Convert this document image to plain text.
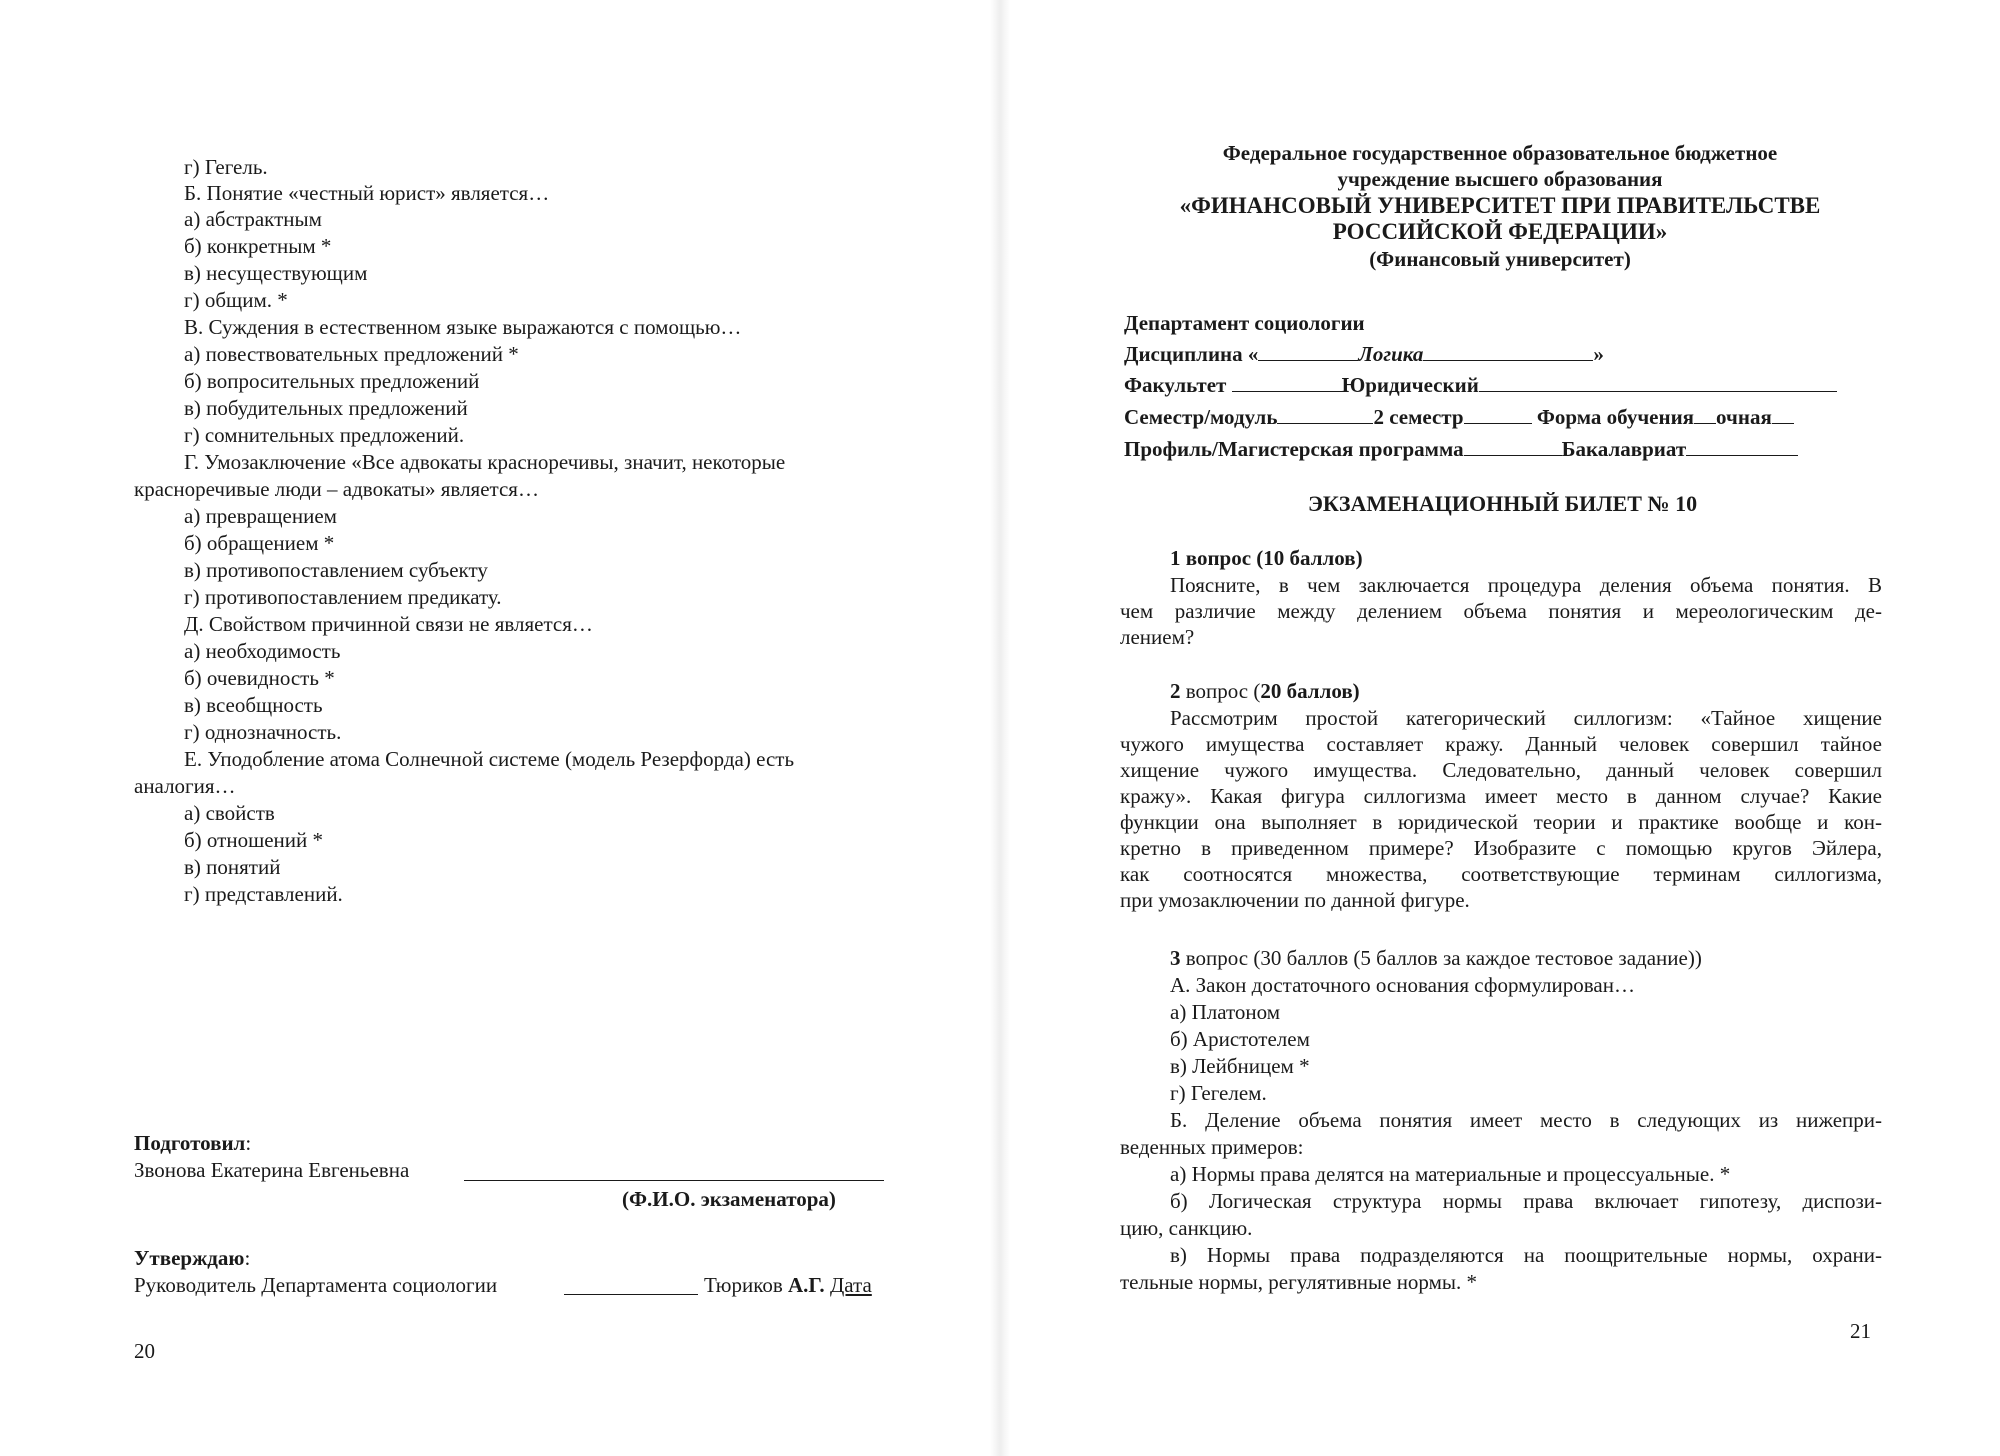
г) Гегель.
Б. Понятие «честный юрист» является…
а) абстрактным
б) конкретным *
в) несуществующим
г) общим. *
В. Суждения в естественном языке выражаются с помощью…
а) повествовательных предложений *
б) вопросительных предложений
в) побудительных предложений
г) сомнительных предложений.
Г. Умозаключение «Все адвокаты красноречивы, значит, некоторые
красноречивые люди – адвокаты» является…
а) превращением
б) обращением *
в) противопоставлением субъекту
г) противопоставлением предикату.
Д. Свойством причинной связи не является…
а) необходимость
б) очевидность *
в) всеобщность
г) однозначность.
Е. Уподобление атома Солнечной системе (модель Резерфорда) есть
аналогия…
а) свойств
б) отношений *
в) понятий
г) представлений.
Подготовил:
Звонова Екатерина Евгеньевна
(Ф.И.О. экзаменатора)
Утверждаю:
Руководитель Департамента социологии	Тюриков А.Г. Дата
20
Федеральное государственное образовательное бюджетное
учреждение высшего образования
«ФИНАНСОВЫЙ УНИВЕРСИТЕТ ПРИ ПРАВИТЕЛЬСТВЕ
РОССИЙСКОЙ ФЕДЕРАЦИИ»
(Финансовый университет)
Департамент социологии
Дисциплина «	Логика	»
Факультет	Юридический
Семестр/модуль	2 семестр	Форма обучения очная
Профиль/Магистерская программа	Бакалавриат
ЭКЗАМЕНАЦИОННЫЙ БИЛЕТ № 10
1 вопрос (10 баллов)
Поясните, в чем заключается процедура деления объема понятия. В
чем различие между делением объема понятия и мереологическим де-
лением?
2 вопрос (20 баллов)
Рассмотрим простой категорический силлогизм: «Тайное хищение
чужого имущества составляет кражу. Данный человек совершил тайное
хищение чужого имущества. Следовательно, данный человек совершил
кражу». Какая фигура силлогизма имеет место в данном случае? Какие
функции она выполняет в юридической теории и практике вообще и кон-
кретно в приведенном примере? Изобразите с помощью кругов Эйлера,
как соотносятся множества, соответствующие терминам силлогизма,
при умозаключении по данной фигуре.
3 вопрос (30 баллов (5 баллов за каждое тестовое задание))
А. Закон достаточного основания сформулирован…
а) Платоном
б) Аристотелем
в) Лейбницем *
г) Гегелем.
Б. Деление объема понятия имеет место в следующих из нижепри-
веденных примеров:
а) Нормы права делятся на материальные и процессуальные. *
б) Логическая структура нормы права включает гипотезу, диспози-
цию, санкцию.
в) Нормы права подразделяются на поощрительные нормы, охрани-
тельные нормы, регулятивные нормы. *
21
